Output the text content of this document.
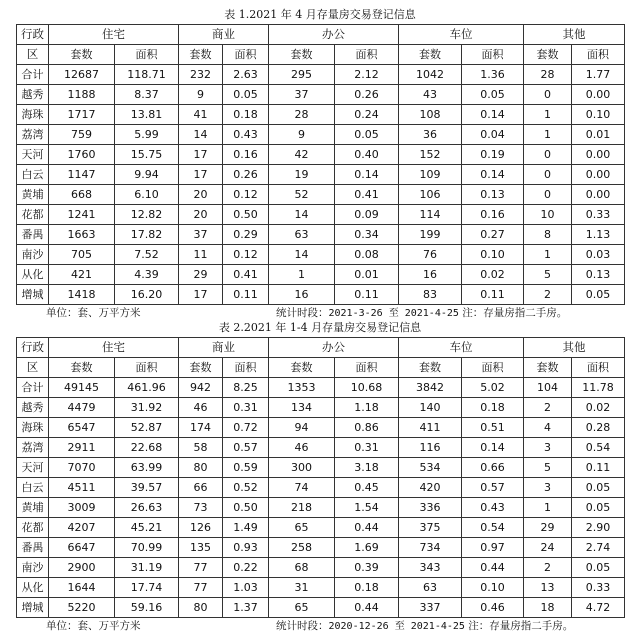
表 1.2021 年 4 月存量房交易登记信息
行政	住宅		商业		办公		车位		其他	
区	套数	面积	套数	面积	套数	面积	套数	面积	套数	面积
合计	12687	118.71	232	2.63	295	2.12	1042	1.36	28	1.77
越秀	1188	8.37	9	0.05	37	0.26	43	0.05	0	0.00
海珠	1717	13.81	41	0.18	28	0.24	108	0.14	1	0.10
荔湾	759	5.99	14	0.43	9	0.05	36	0.04	1	0.01
天河	1760	15.75	17	0.16	42	0.40	152	0.19	0	0.00
白云	1147	9.94	17	0.26	19	0.14	109	0.14	0	0.00
黄埔	668	6.10	20	0.12	52	0.41	106	0.13	0	0.00
花都	1241	12.82	20	0.50	14	0.09	114	0.16	10	0.33
番禺	1663	17.82	37	0.29	63	0.34	199	0.27	8	1.13
南沙	705	7.52	11	0.12	14	0.08	76	0.10	1	0.03
从化	421	4.39	29	0.41	1	0.01	16	0.02	5	0.13
增城	1418	16.20	17	0.11	16	0.11	83	0.11	2	0.05
单位：套、万平方米	统计时段：2021-3-26 至 2021-4-25 注：存量房指二手房。
表 2.2021 年 1-4 月存量房交易登记信息
行政	住宅		商业		办公		车位		其他	
区	套数	面积	套数	面积	套数	面积	套数	面积	套数	面积
合计	49145	461.96	942	8.25	1353	10.68	3842	5.02	104	11.78
越秀	4479	31.92	46	0.31	134	1.18	140	0.18	2	0.02
海珠	6547	52.87	174	0.72	94	0.86	411	0.51	4	0.28
荔湾	2911	22.68	58	0.57	46	0.31	116	0.14	3	0.54
天河	7070	63.99	80	0.59	300	3.18	534	0.66	5	0.11
白云	4511	39.57	66	0.52	74	0.45	420	0.57	3	0.05
黄埔	3009	26.63	73	0.50	218	1.54	336	0.43	1	0.05
花都	4207	45.21	126	1.49	65	0.44	375	0.54	29	2.90
番禺	6647	70.99	135	0.93	258	1.69	734	0.97	24	2.74
南沙	2900	31.19	77	0.22	68	0.39	343	0.44	2	0.05
从化	1644	17.74	77	1.03	31	0.18	63	0.10	13	0.33
增城	5220	59.16	80	1.37	65	0.44	337	0.46	18	4.72
单位：套、万平方米	统计时段：2020-12-26 至 2021-4-25 注：存量房指二手房。
